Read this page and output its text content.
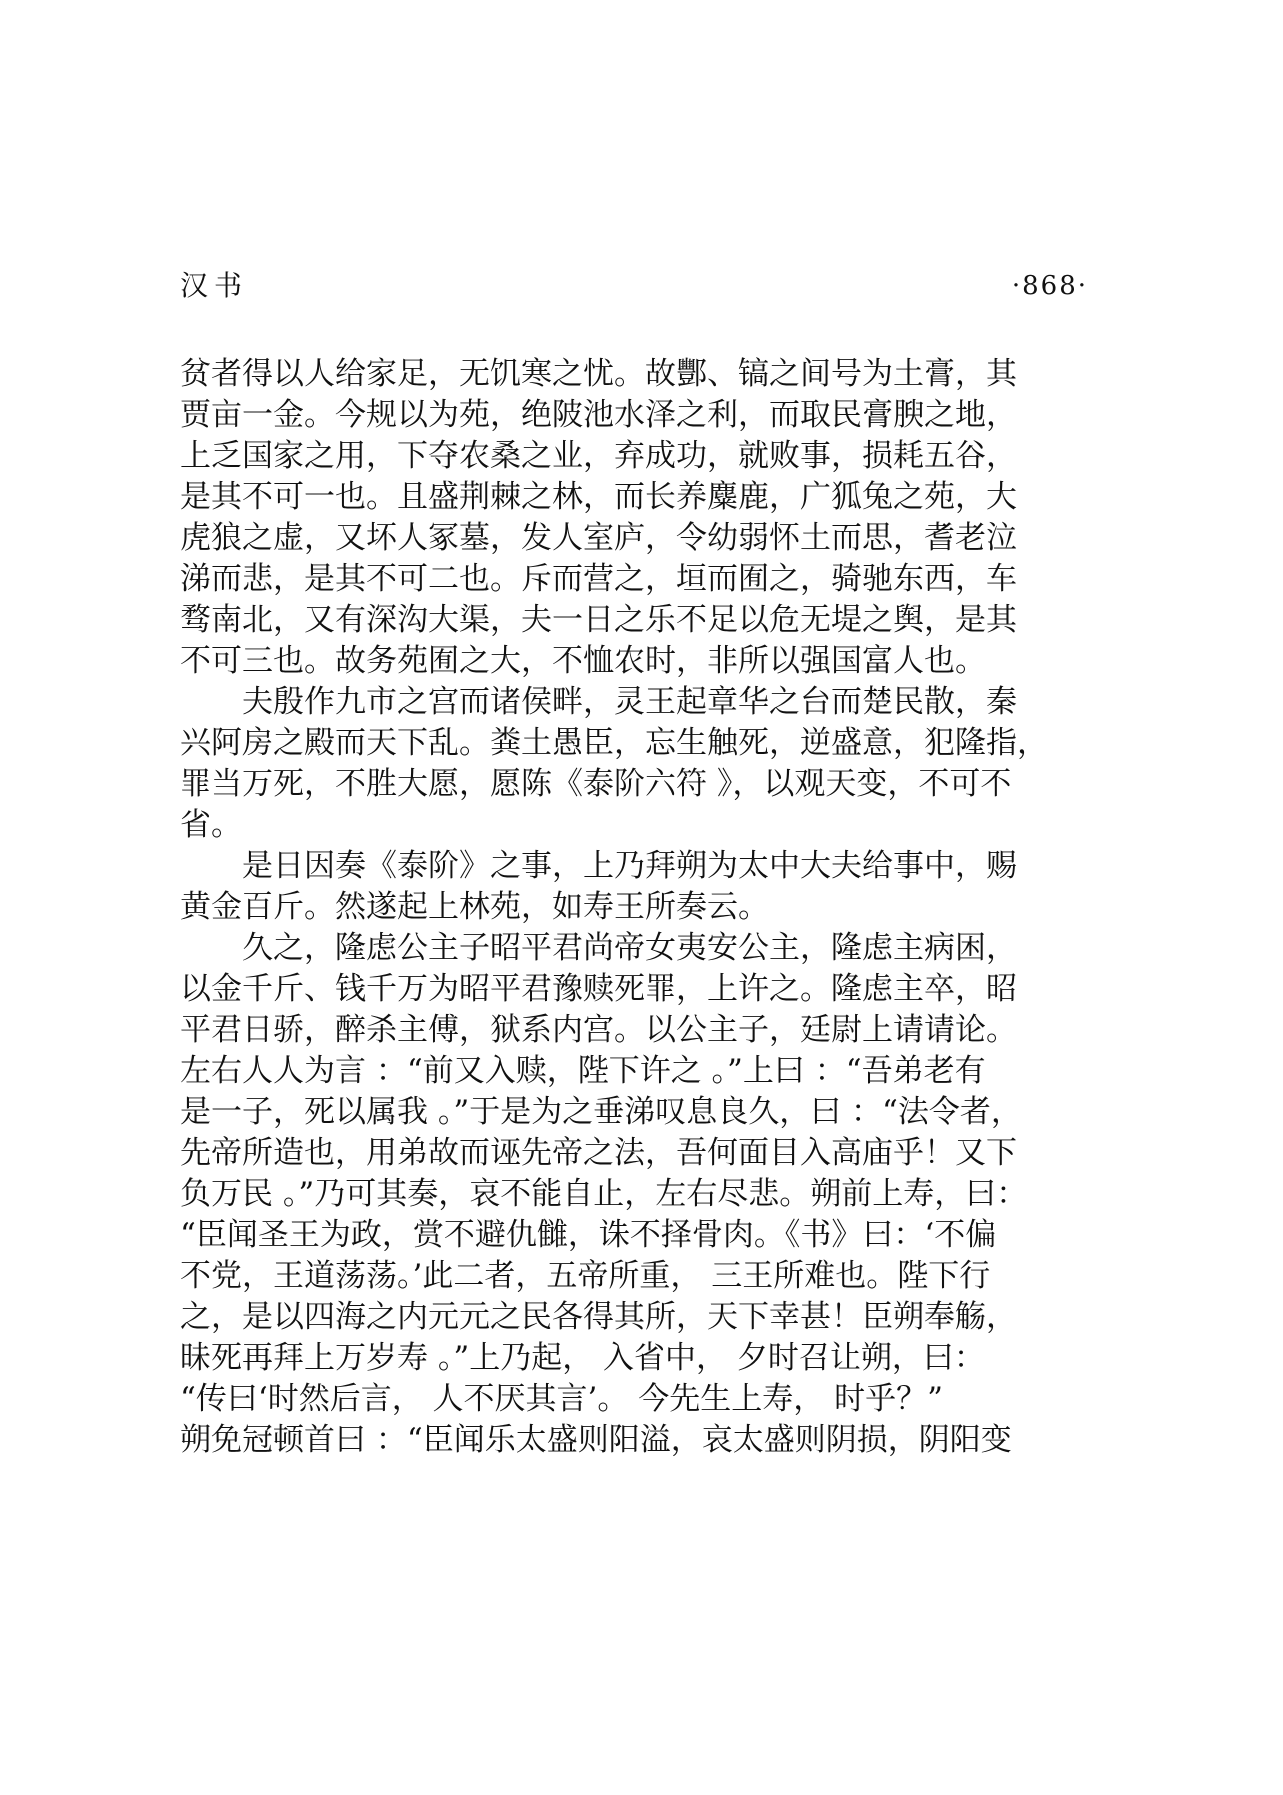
汉书	·868·
贫者得以人给家足，无饥寒之忧。故酆、镐之间号为土膏，其
贾亩一金。今规以为苑，绝陂池水泽之利，而取民膏腴之地，
上乏国家之用，下夺农桑之业，弃成功，就败事，损耗五谷，
是其不可一也。且盛荆棘之林，而长养麋鹿，广狐兔之苑，大
虎狼之虚，又坏人冢墓，发人室庐，令幼弱怀土而思，耆老泣
涕而悲，是其不可二也。斥而营之，垣而囿之，骑驰东西，车
骛南北，又有深沟大渠，夫一日之乐不足以危无堤之舆，是其
不可三也。故务苑囿之大，不恤农时，非所以强国富人也。
　　夫殷作九市之宫而诸侯畔，灵王起章华之台而楚民散，秦
兴阿房之殿而天下乱。粪土愚臣，忘生触死，逆盛意，犯隆指，
罪当万死，不胜大愿，愿陈《泰阶六符 》，以观天变，不可不
省。
　　是日因奏《泰阶》之事，上乃拜朔为太中大夫给事中，赐
黄金百斤。然遂起上林苑，如寿王所奏云。
　　久之，隆虑公主子昭平君尚帝女夷安公主，隆虑主病困，
以金千斤、钱千万为昭平君豫赎死罪，上许之。隆虑主卒，昭
平君日骄，醉杀主傅，狱系内宫。以公主子，廷尉上请请论。
左右人人为言 ：“前又入赎，陛下许之 。”上曰 ：“吾弟老有
是一子，死以属我 。”于是为之垂涕叹息良久，曰 ：“法令者，
先帝所造也，用弟故而诬先帝之法，吾何面目入高庙乎！又下
负万民 。”乃可其奏，哀不能自止，左右尽悲。朔前上寿，曰：
“臣闻圣王为政，赏不避仇雠，诛不择骨肉。《书》曰：‘不偏
不党，王道荡荡。’此二者，五帝所重， 三王所难也。陛下行
之，是以四海之内元元之民各得其所，天下幸甚！臣朔奉觞，
昧死再拜上万岁寿 。”上乃起， 入省中， 夕时召让朔，曰：
“传曰‘时然后言， 人不厌其言’。 今先生上寿， 时乎？”
朔免冠顿首曰 ：“臣闻乐太盛则阳溢，哀太盛则阴损，阴阳变
